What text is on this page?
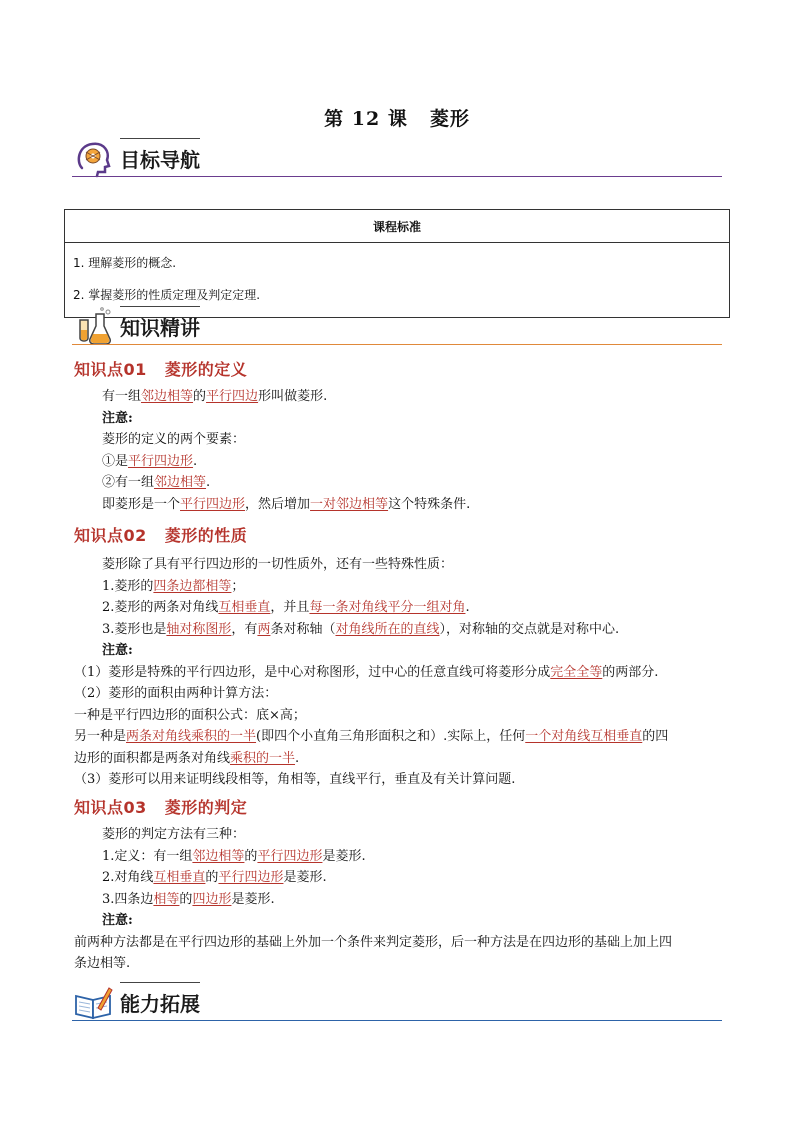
第 12 课 菱形
目标导航
课程标准

1. 理解菱形的概念.
2. 掌握菱形的性质定理及判定定理.
知识精讲
知识点01 菱形的定义

有一组邻边相等的平行四边形叫做菱形.

注意:

菱形的定义的两个要素：

①是平行四边形.

②有一组邻边相等.

即菱形是一个平行四边形，然后增加一对邻边相等这个特殊条件.

知识点02 菱形的性质

菱形除了具有平行四边形的一切性质外，还有一些特殊性质：

1.菱形的四条边都相等；

2.菱形的两条对角线互相垂直，并且每一条对角线平分一组对角.

3.菱形也是轴对称图形，有两条对称轴（对角线所在的直线），对称轴的交点就是对称中心.

注意:

（1）菱形是特殊的平行四边形，是中心对称图形，过中心的任意直线可将菱形分成完全全等的两部分.

（2）菱形的面积由两种计算方法：

一种是平行四边形的面积公式：底×高；

另一种是两条对角线乘积的一半(即四个小直角三角形面积之和）.实际上，任何一个对角线互相垂直的四

边形的面积都是两条对角线乘积的一半.

（3）菱形可以用来证明线段相等，角相等，直线平行，垂直及有关计算问题.

知识点03 菱形的判定

菱形的判定方法有三种：

1.定义：有一组邻边相等的平行四边形是菱形.

2.对角线互相垂直的平行四边形是菱形.

3.四条边相等的四边形是菱形.

注意:

前两种方法都是在平行四边形的基础上外加一个条件来判定菱形，后一种方法是在四边形的基础上加上四

条边相等.

能力拓展
